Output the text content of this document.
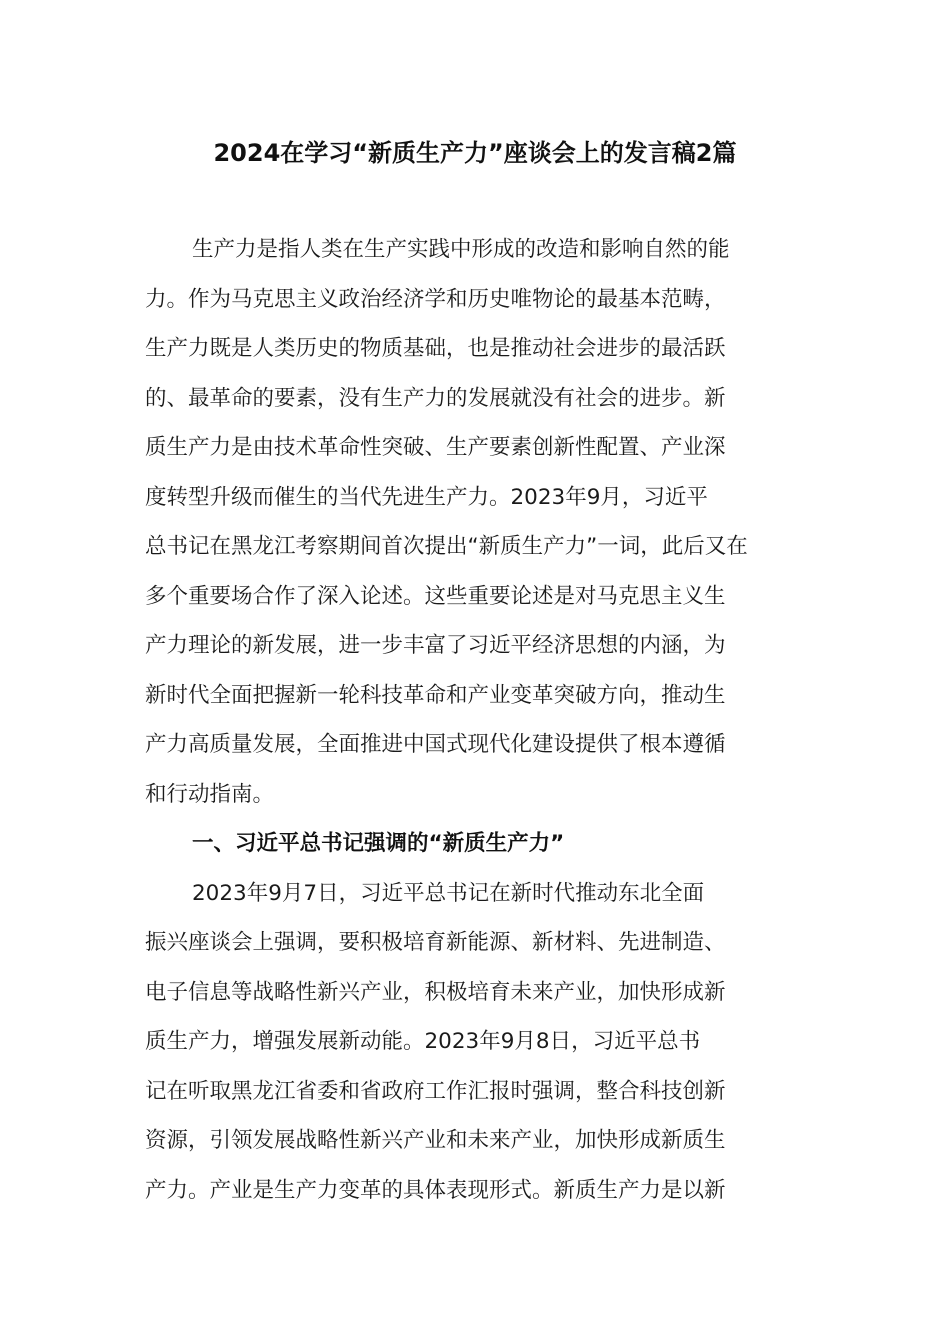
2024在学习“新质生产力”座谈会上的发言稿2篇
生产力是指人类在生产实践中形成的改造和影响自然的能
力。作为马克思主义政治经济学和历史唯物论的最基本范畴，
生产力既是人类历史的物质基础，也是推动社会进步的最活跃
的、最革命的要素，没有生产力的发展就没有社会的进步。新
质生产力是由技术革命性突破、生产要素创新性配置、产业深
度转型升级而催生的当代先进生产力。2023年9月，习近平
总书记在黑龙江考察期间首次提出“新质生产力”一词，此后又在
多个重要场合作了深入论述。这些重要论述是对马克思主义生
产力理论的新发展，进一步丰富了习近平经济思想的内涵，为
新时代全面把握新一轮科技革命和产业变革突破方向，推动生
产力高质量发展，全面推进中国式现代化建设提供了根本遵循
和行动指南。
一、习近平总书记强调的“新质生产力”
2023年9月7日，习近平总书记在新时代推动东北全面
振兴座谈会上强调，要积极培育新能源、新材料、先进制造、
电子信息等战略性新兴产业，积极培育未来产业，加快形成新
质生产力，增强发展新动能。2023年9月8日，习近平总书
记在听取黑龙江省委和省政府工作汇报时强调，整合科技创新
资源，引领发展战略性新兴产业和未来产业，加快形成新质生
产力。产业是生产力变革的具体表现形式。新质生产力是以新
